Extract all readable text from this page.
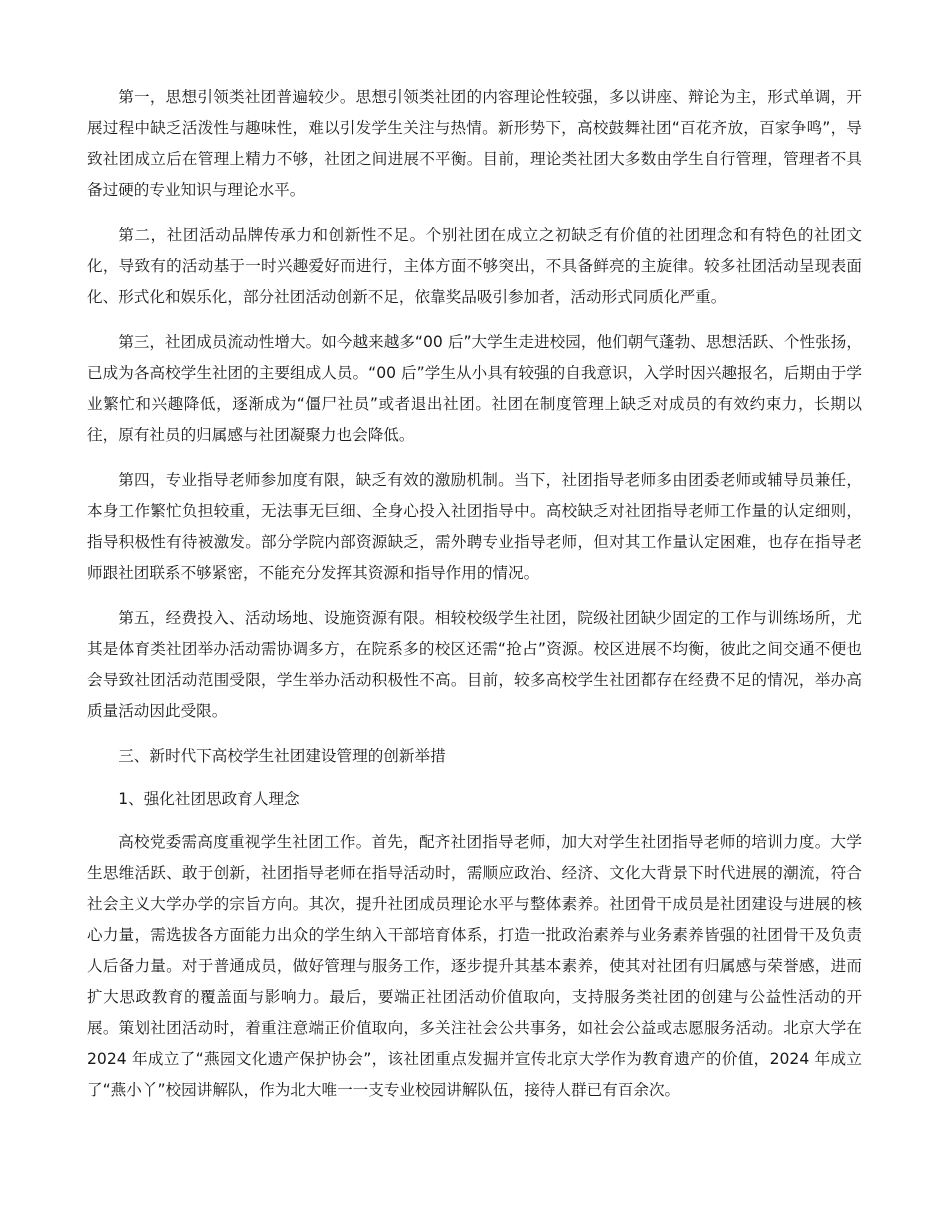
第一，思想引领类社团普遍较少。思想引领类社团的内容理论性较强，多以讲座、辩论为主，形式单调，开展过程中缺乏活泼性与趣味性，难以引发学生关注与热情。新形势下，高校鼓舞社团“百花齐放，百家争鸣”，导致社团成立后在管理上精力不够，社团之间进展不平衡。目前，理论类社团大多数由学生自行管理，管理者不具备过硬的专业知识与理论水平。

第二，社团活动品牌传承力和创新性不足。个别社团在成立之初缺乏有价值的社团理念和有特色的社团文化，导致有的活动基于一时兴趣爱好而进行，主体方面不够突出，不具备鲜亮的主旋律。较多社团活动呈现表面化、形式化和娱乐化，部分社团活动创新不足，依靠奖品吸引参加者，活动形式同质化严重。

第三，社团成员流动性增大。如今越来越多“00 后”大学生走进校园，他们朝气蓬勃、思想活跃、个性张扬，已成为各高校学生社团的主要组成人员。“00 后”学生从小具有较强的自我意识，入学时因兴趣报名，后期由于学业繁忙和兴趣降低，逐渐成为“僵尸社员”或者退出社团。社团在制度管理上缺乏对成员的有效约束力，长期以往，原有社员的归属感与社团凝聚力也会降低。

第四，专业指导老师参加度有限，缺乏有效的激励机制。当下，社团指导老师多由团委老师或辅导员兼任，本身工作繁忙负担较重，无法事无巨细、全身心投入社团指导中。高校缺乏对社团指导老师工作量的认定细则，指导积极性有待被激发。部分学院内部资源缺乏，需外聘专业指导老师，但对其工作量认定困难，也存在指导老师跟社团联系不够紧密，不能充分发挥其资源和指导作用的情况。

第五，经费投入、活动场地、设施资源有限。相较校级学生社团，院级社团缺少固定的工作与训练场所，尤其是体育类社团举办活动需协调多方，在院系多的校区还需“抢占”资源。校区进展不均衡，彼此之间交通不便也会导致社团活动范围受限，学生举办活动积极性不高。目前，较多高校学生社团都存在经费不足的情况，举办高质量活动因此受限。

三、新时代下高校学生社团建设管理的创新举措

1、强化社团思政育人理念

高校党委需高度重视学生社团工作。首先，配齐社团指导老师，加大对学生社团指导老师的培训力度。大学生思维活跃、敢于创新，社团指导老师在指导活动时，需顺应政治、经济、文化大背景下时代进展的潮流，符合社会主义大学办学的宗旨方向。其次，提升社团成员理论水平与整体素养。社团骨干成员是社团建设与进展的核心力量，需选拔各方面能力出众的学生纳入干部培育体系，打造一批政治素养与业务素养皆强的社团骨干及负责人后备力量。对于普通成员，做好管理与服务工作，逐步提升其基本素养，使其对社团有归属感与荣誉感，进而扩大思政教育的覆盖面与影响力。最后，要端正社团活动价值取向，支持服务类社团的创建与公益性活动的开展。策划社团活动时，着重注意端正价值取向，多关注社会公共事务，如社会公益或志愿服务活动。北京大学在 2024 年成立了“燕园文化遗产保护协会”，该社团重点发掘并宣传北京大学作为教育遗产的价值，2024 年成立了“燕小丫”校园讲解队，作为北大唯一一支专业校园讲解队伍，接待人群已有百余次。
